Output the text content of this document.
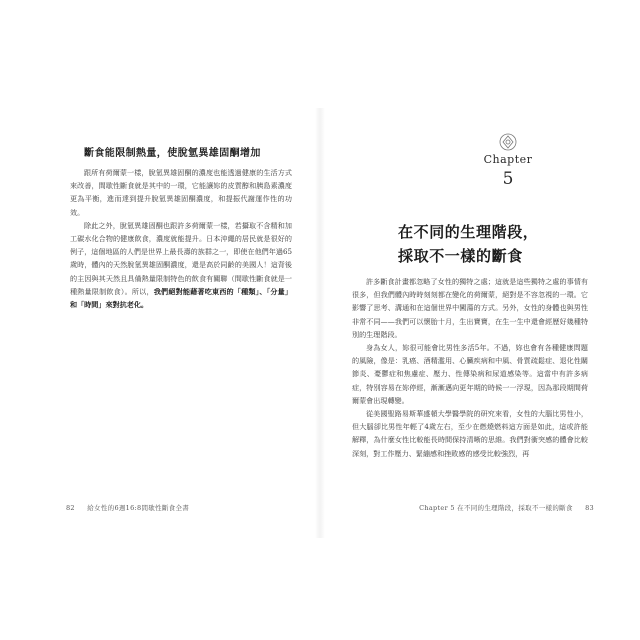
斷食能限制熱量，使脫氫異雄固酮增加

跟所有荷爾蒙一樣，脫氫異雄固酮的濃度也能透過健康的生活方式來改善，間歇性斷食就是其中的一環，它能讓妳的皮質醇和胰島素濃度更為平衡，進而達到提升脫氫異雄固酮濃度，和提振代謝運作性的功效。

除此之外，脫氫異雄固酮也跟許多荷爾蒙一樣，若攝取不含精和加工碳水化合物的健康飲食，濃度就能提升。日本沖繩的居民就是很好的例子，這個地區的人們是世界上最長壽的族群之一，即使在他們年過65歲時，體內的天然脫氫異雄固酮濃度，還是高於同齡的美國人！這背後的主因與其天然且具備熱量限制特色的飲食有關聯（間歇性斷食就是一種熱量限制飲食）。所以，我們絕對能藉著吃東西的「種類」、「分量」和「時間」來對抗老化。

82 給女性的6週16:8間歇性斷食全書
Chapter
5
在不同的生理階段，
採取不一樣的斷食

許多斷食計畫都忽略了女性的獨特之處；這就是這些獨特之處的事情有很多，但我們體內時時刻刻都在變化的荷爾蒙，絕對是不容忽視的一環。它影響了思考、溝通和在這個世界中闖蕩的方式。另外，女性的身體也與男性非常不同——我們可以懷胎十月，生出寶寶，在生一生中還會經歷好幾種特別的生理階段。

身為女人，妳很可能會比男性多活5年。不過，妳也會有各種健康問題的風險，像是：乳癌、酒精濫用、心臟疾病和中風、骨質疏鬆症、退化性關節炎、憂鬱症和焦慮症、壓力、性傳染病和尿道感染等。這當中有許多病症，特別容易在妳停經，漸漸邁向更年期的時候一一浮現，因為那段期間荷爾蒙會出現轉變。

從美國聖路易斯華盛頓大學醫學院的研究來看，女性的大腦比男性小，但大腦卻比男性年輕了4歲左右，至少在燃燒燃料這方面是如此，這或許能解釋，為什麼女性比較能長時間保持清晰的思維。我們對衝突感的體會比較深刻，對工作壓力、緊繃感和挫敗感的感受比較強烈，再

Chapter 5 在不同的生理階段，採取不一樣的斷食 83
